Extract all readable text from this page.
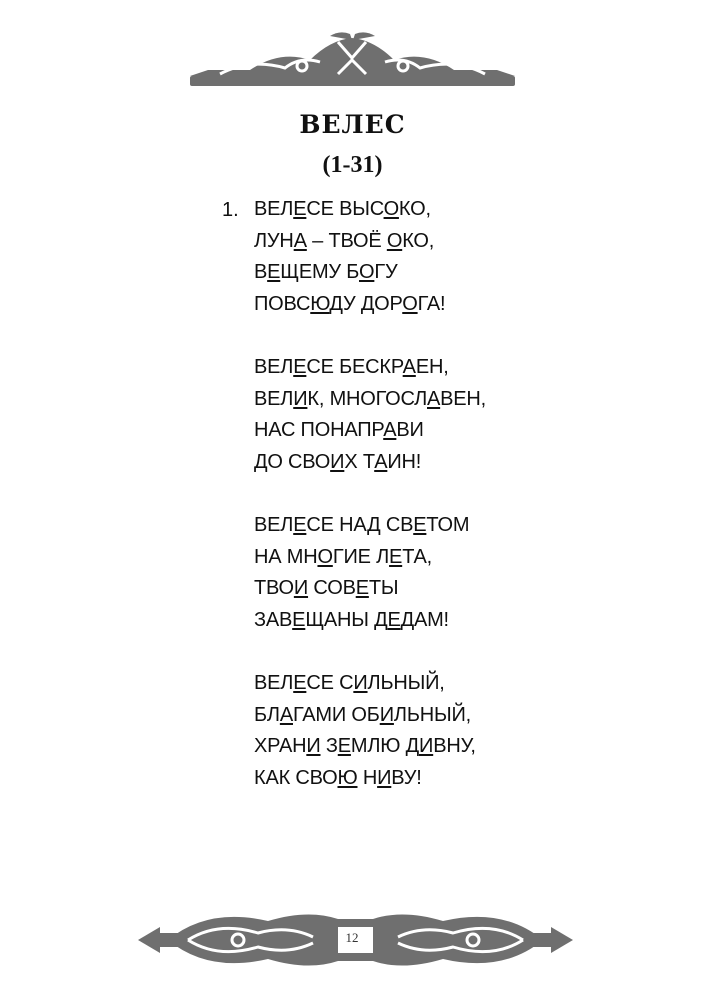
ВЕЛЕС
(1-31)
1. ВЕЛЕСЕ ВЫСОКО,
ЛУНА – ТВОЁ ОКО,
ВЕЩЕМУ БОГУ
ПОВСЮДУ ДОРОГА!
ВЕЛЕСЕ БЕСКРАЕН,
ВЕЛИК, МНОГОСЛАВЕН,
НАС ПОНАПРАВИ
ДО СВОИХ ТАИН!
ВЕЛЕСЕ НАД СВЕТОМ
НА МНОГИЕ ЛЕТА,
ТВОИ СОВЕТЫ
ЗАВЕЩАНЫ ДЕДАМ!
ВЕЛЕСЕ СИЛЬНЫЙ,
БЛАГАМИ ОБИЛЬНЫЙ,
ХРАНИ ЗЕМЛЮ ДИВНУ,
КАК СВОЮ НИВУ!
12
